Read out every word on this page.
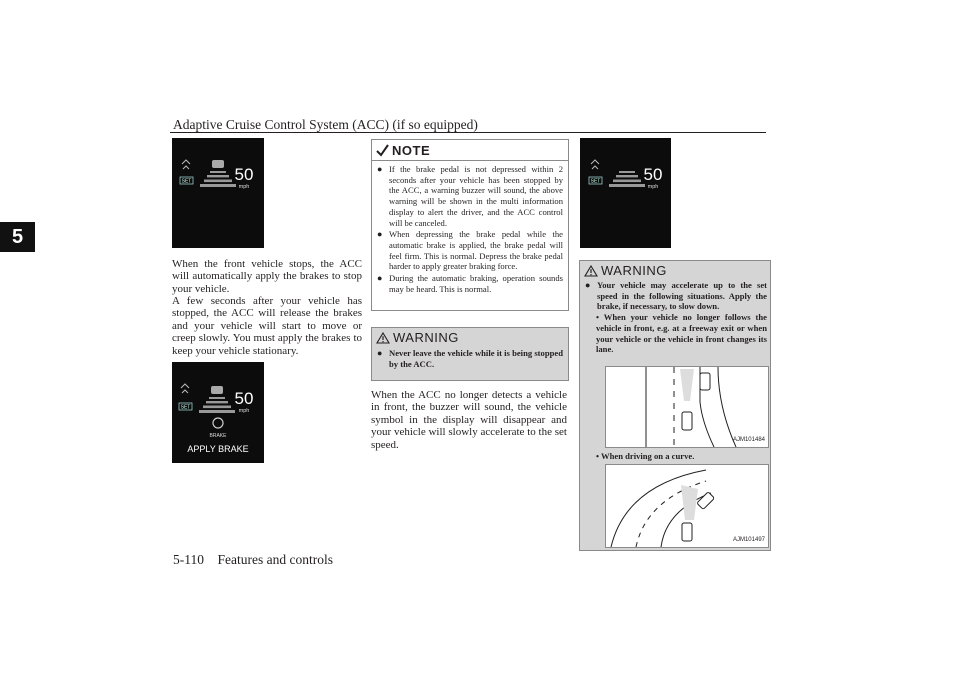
Adaptive Cruise Control System (ACC) (if so equipped)
5
SET	50
mph
When the front vehicle stops, the ACC will automatically apply the brakes to stop your vehicle.
A few seconds after your vehicle has stopped, the ACC will release the brakes and your vehicle will start to move or creep slowly. You must apply the brakes to keep your vehicle stationary.
SET	50
mph
BRAKE
APPLY BRAKE
NOTE
● If the brake pedal is not depressed within 2 seconds after your vehicle has been stopped by the ACC, a warning buzzer will sound, the above warning will be shown in the multi information display to alert the driver, and the ACC control will be canceled.
● When depressing the brake pedal while the automatic brake is applied, the brake pedal will feel firm. This is normal. Depress the brake pedal harder to apply greater braking force.
● During the automatic braking, operation sounds may be heard. This is normal.
WARNING
● Never leave the vehicle while it is being stopped by the ACC.
When the ACC no longer detects a vehicle in front, the buzzer will sound, the vehicle symbol in the display will disappear and your vehicle will slowly accelerate to the set speed.
SET	50
mph
WARNING
● Your vehicle may accelerate up to the set speed in the following situations. Apply the brake, if necessary, to slow down.
• When your vehicle no longer follows the vehicle in front, e.g. at a freeway exit or when your vehicle or the vehicle in front changes its lane.
AJM101484
• When driving on a curve.
AJM101497
5-110 Features and controls
